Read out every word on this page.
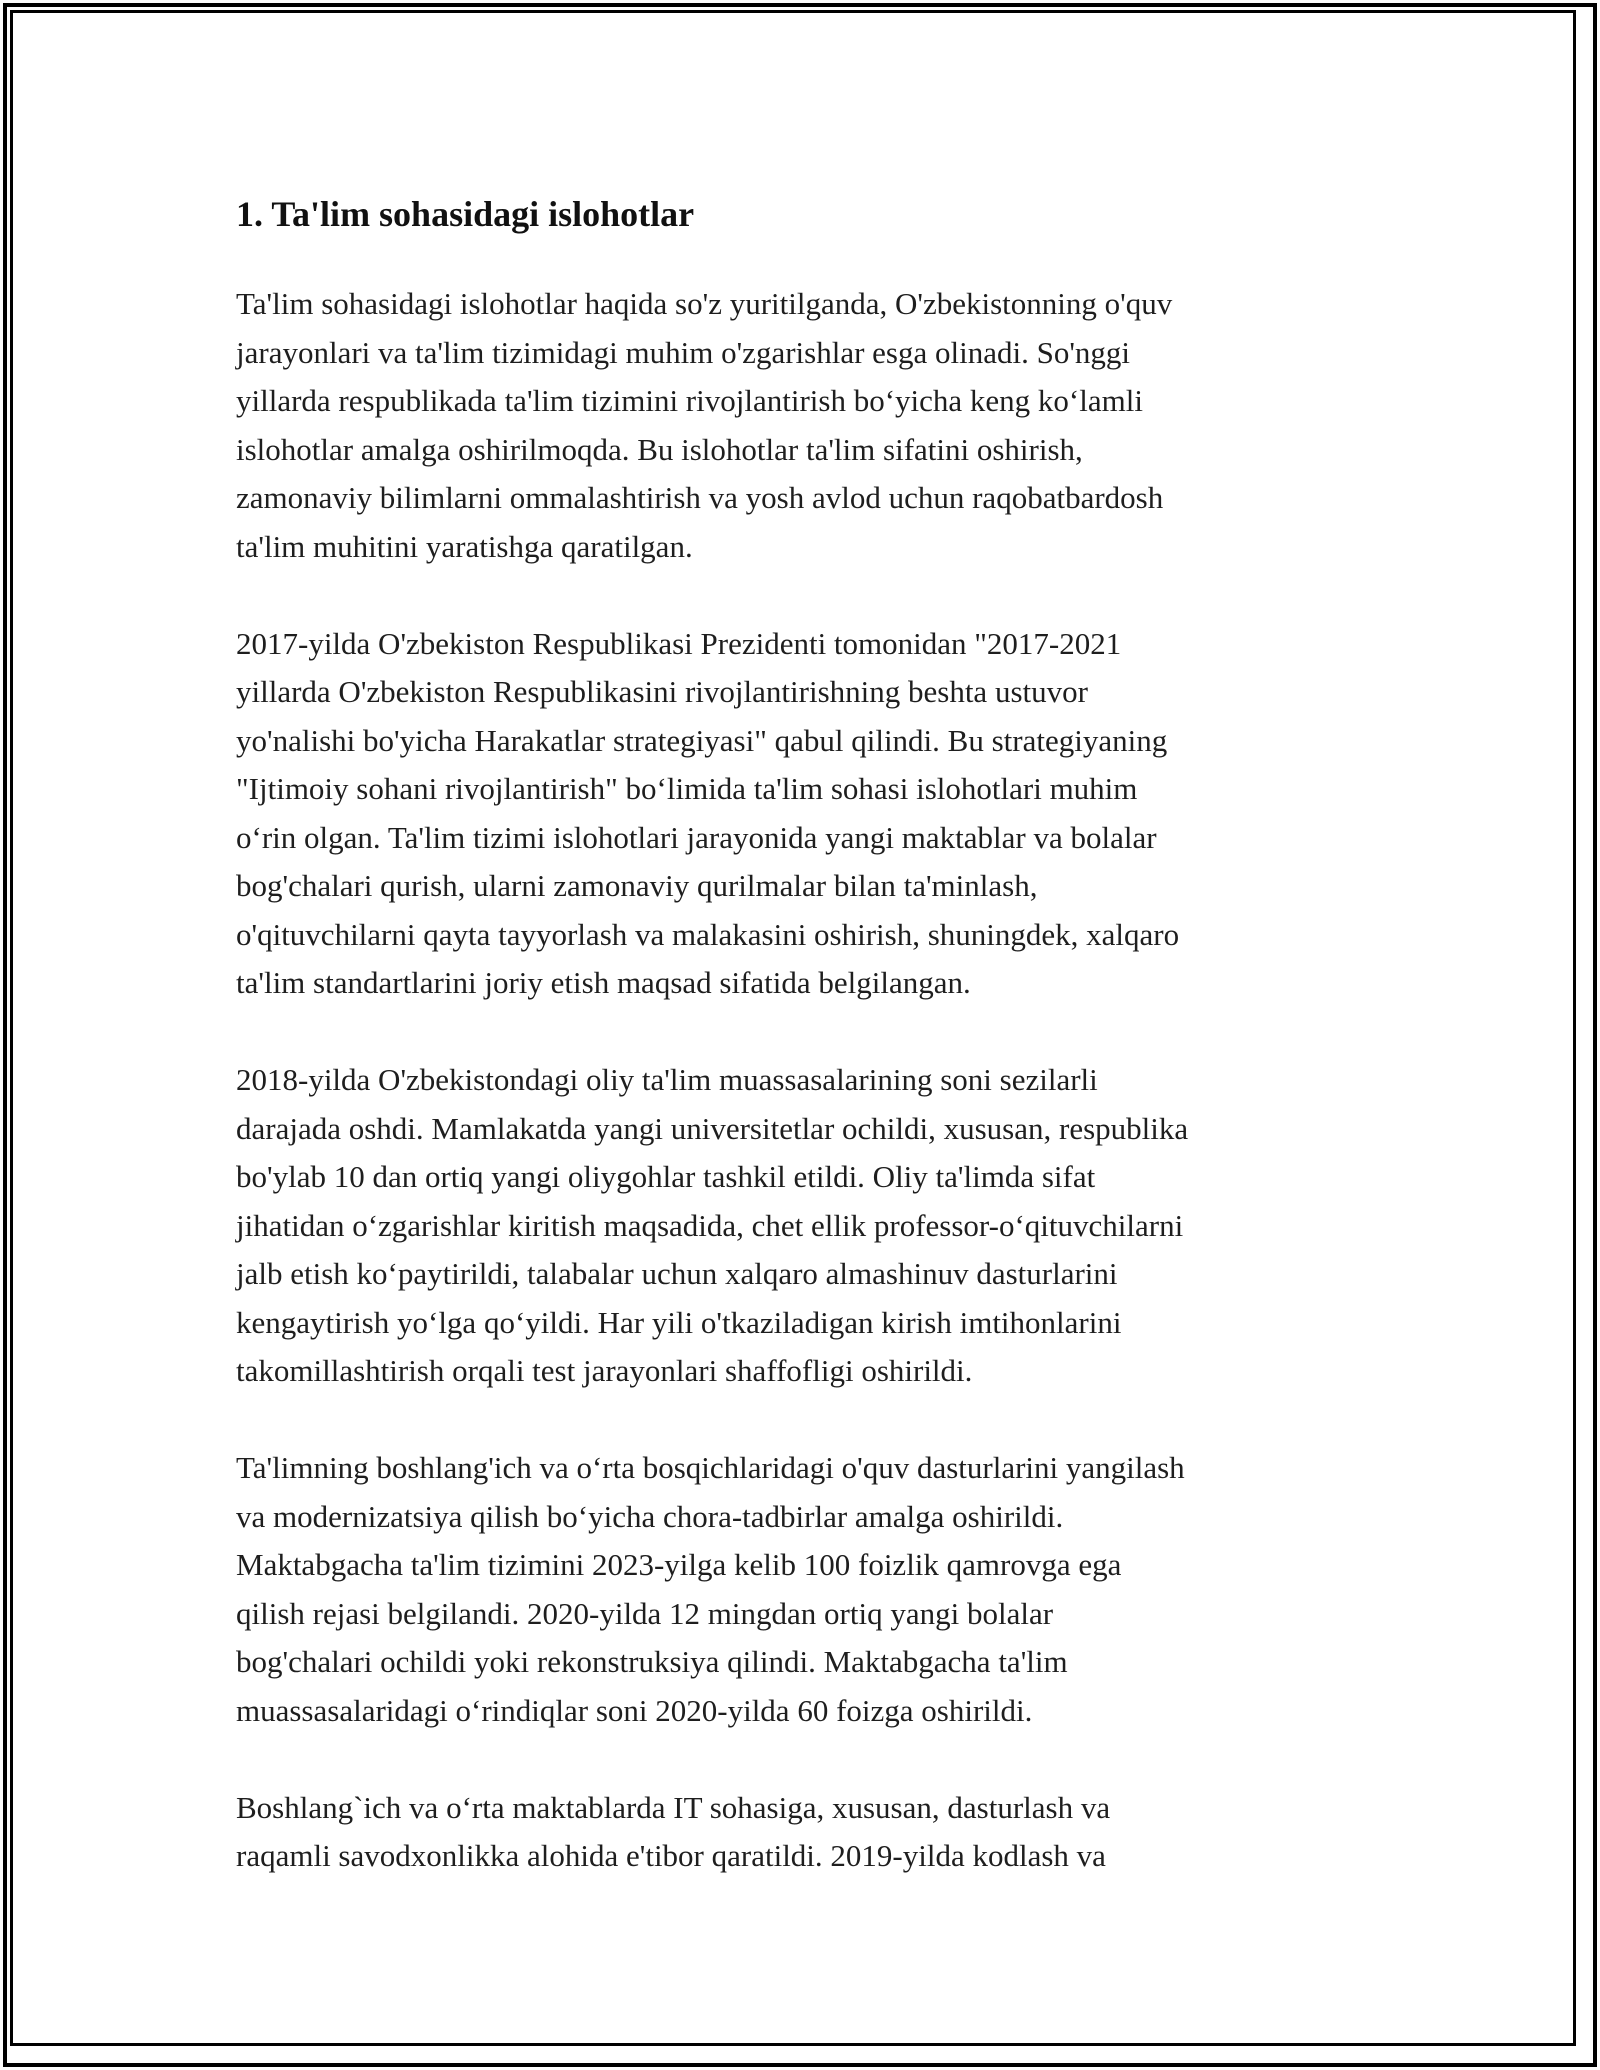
1. Ta'lim sohasidagi islohotlar

Ta'lim sohasidagi islohotlar haqida so'z yuritilganda, O'zbekistonning o'quv
jarayonlari va ta'lim tizimidagi muhim o'zgarishlar esga olinadi. So'nggi
yillarda respublikada ta'lim tizimini rivojlantirish bo‘yicha keng ko‘lamli
islohotlar amalga oshirilmoqda. Bu islohotlar ta'lim sifatini oshirish,
zamonaviy bilimlarni ommalashtirish va yosh avlod uchun raqobatbardosh
ta'lim muhitini yaratishga qaratilgan.

2017-yilda O'zbekiston Respublikasi Prezidenti tomonidan "2017-2021
yillarda O'zbekiston Respublikasini rivojlantirishning beshta ustuvor
yo'nalishi bo'yicha Harakatlar strategiyasi" qabul qilindi. Bu strategiyaning
"Ijtimoiy sohani rivojlantirish" bo‘limida ta'lim sohasi islohotlari muhim
o‘rin olgan. Ta'lim tizimi islohotlari jarayonida yangi maktablar va bolalar
bog'chalari qurish, ularni zamonaviy qurilmalar bilan ta'minlash,
o'qituvchilarni qayta tayyorlash va malakasini oshirish, shuningdek, xalqaro
ta'lim standartlarini joriy etish maqsad sifatida belgilangan.

2018-yilda O'zbekistondagi oliy ta'lim muassasalarining soni sezilarli
darajada oshdi. Mamlakatda yangi universitetlar ochildi, xususan, respublika
bo'ylab 10 dan ortiq yangi oliygohlar tashkil etildi. Oliy ta'limda sifat
jihatidan o‘zgarishlar kiritish maqsadida, chet ellik professor-o‘qituvchilarni
jalb etish ko‘paytirildi, talabalar uchun xalqaro almashinuv dasturlarini
kengaytirish yo‘lga qo‘yildi. Har yili o'tkaziladigan kirish imtihonlarini
takomillashtirish orqali test jarayonlari shaffofligi oshirildi.

Ta'limning boshlang'ich va o‘rta bosqichlaridagi o'quv dasturlarini yangilash
va modernizatsiya qilish bo‘yicha chora-tadbirlar amalga oshirildi.
Maktabgacha ta'lim tizimini 2023-yilga kelib 100 foizlik qamrovga ega
qilish rejasi belgilandi. 2020-yilda 12 mingdan ortiq yangi bolalar
bog'chalari ochildi yoki rekonstruksiya qilindi. Maktabgacha ta'lim
muassasalaridagi o‘rindiqlar soni 2020-yilda 60 foizga oshirildi.

Boshlang`ich va o‘rta maktablarda IT sohasiga, xususan, dasturlash va
raqamli savodxonlikka alohida e'tibor qaratildi. 2019-yilda kodlash va
